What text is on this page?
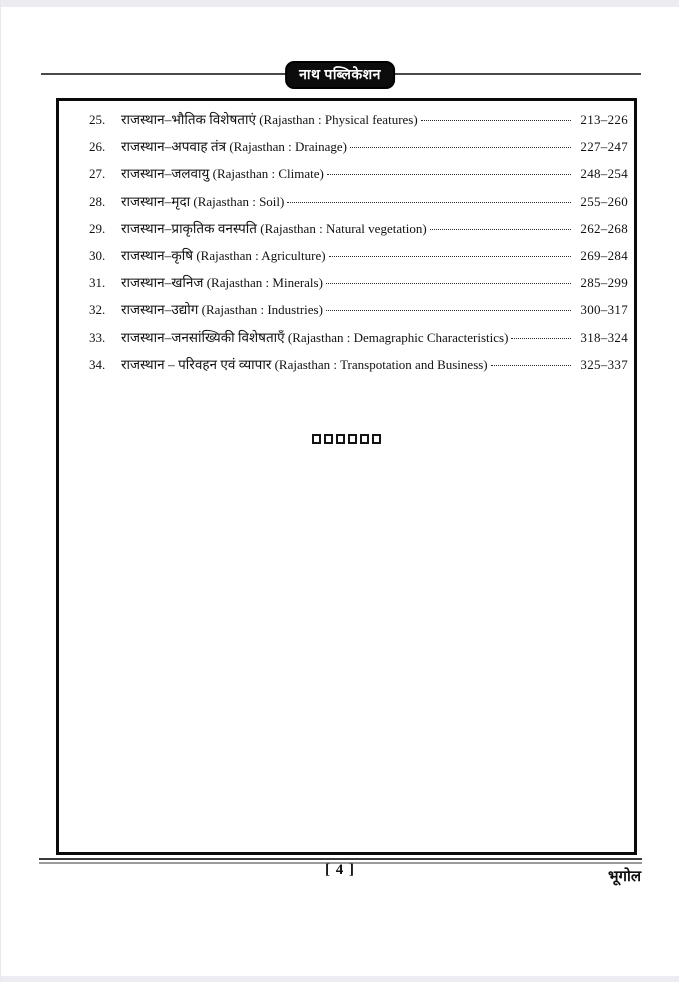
नाथ पब्लिकेशन
25.	राजस्थान–भौतिक विशेषताएं (Rajasthan : Physical features)	213–226
26.	राजस्थान–अपवाह तंत्र (Rajasthan : Drainage)	227–247
27.	राजस्थान–जलवायु (Rajasthan : Climate)	248–254
28.	राजस्थान–मृदा (Rajasthan : Soil)	255–260
29.	राजस्थान–प्राकृतिक वनस्पति (Rajasthan : Natural vegetation)	262–268
30.	राजस्थान–कृषि (Rajasthan : Agriculture)	269–284
31.	राजस्थान–खनिज (Rajasthan : Minerals)	285–299
32.	राजस्थान–उद्योग (Rajasthan : Industries)	300–317
33.	राजस्थान–जनसांख्यिकी विशेषताएँ (Rajasthan : Demagraphic Characteristics)	318–324
34.	राजस्थान – परिवहन एवं व्यापार (Rajasthan : Transpotation and Business)	325–337
[ 4 ]	भूगोल
